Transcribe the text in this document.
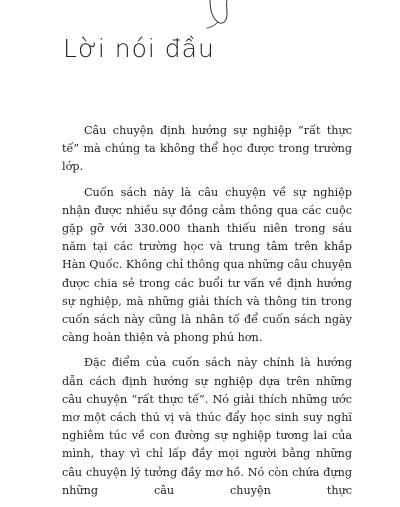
Lời nói đầu

Câu chuyện định hướng sự nghiệp “rất thực tế” mà chúng ta không thể học được trong trường lớp.

Cuốn sách này là câu chuyện về sự nghiệp nhận được nhiều sự đồng cảm thông qua các cuộc gặp gỡ với 330.000 thanh thiếu niên trong sáu năm tại các trường học và trung tâm trên khắp Hàn Quốc. Không chỉ thông qua những câu chuyện được chia sẻ trong các buổi tư vấn về định hướng sự nghiệp, mà những giải thích và thông tin trong cuốn sách này cũng là nhân tố để cuốn sách ngày càng hoàn thiện và phong phú hơn.

Đặc điểm của cuốn sách này chính là hướng dẫn cách định hướng sự nghiệp dựa trên những câu chuyện “rất thực tế”. Nó giải thích những ước mơ một cách thú vị và thúc đẩy học sinh suy nghĩ nghiêm túc về con đường sự nghiệp tương lai của mình, thay vì chỉ lấp đầy mọi người bằng những câu chuyện lý tưởng đầy mơ hồ. Nó còn chứa đựng những câu chuyện thực
